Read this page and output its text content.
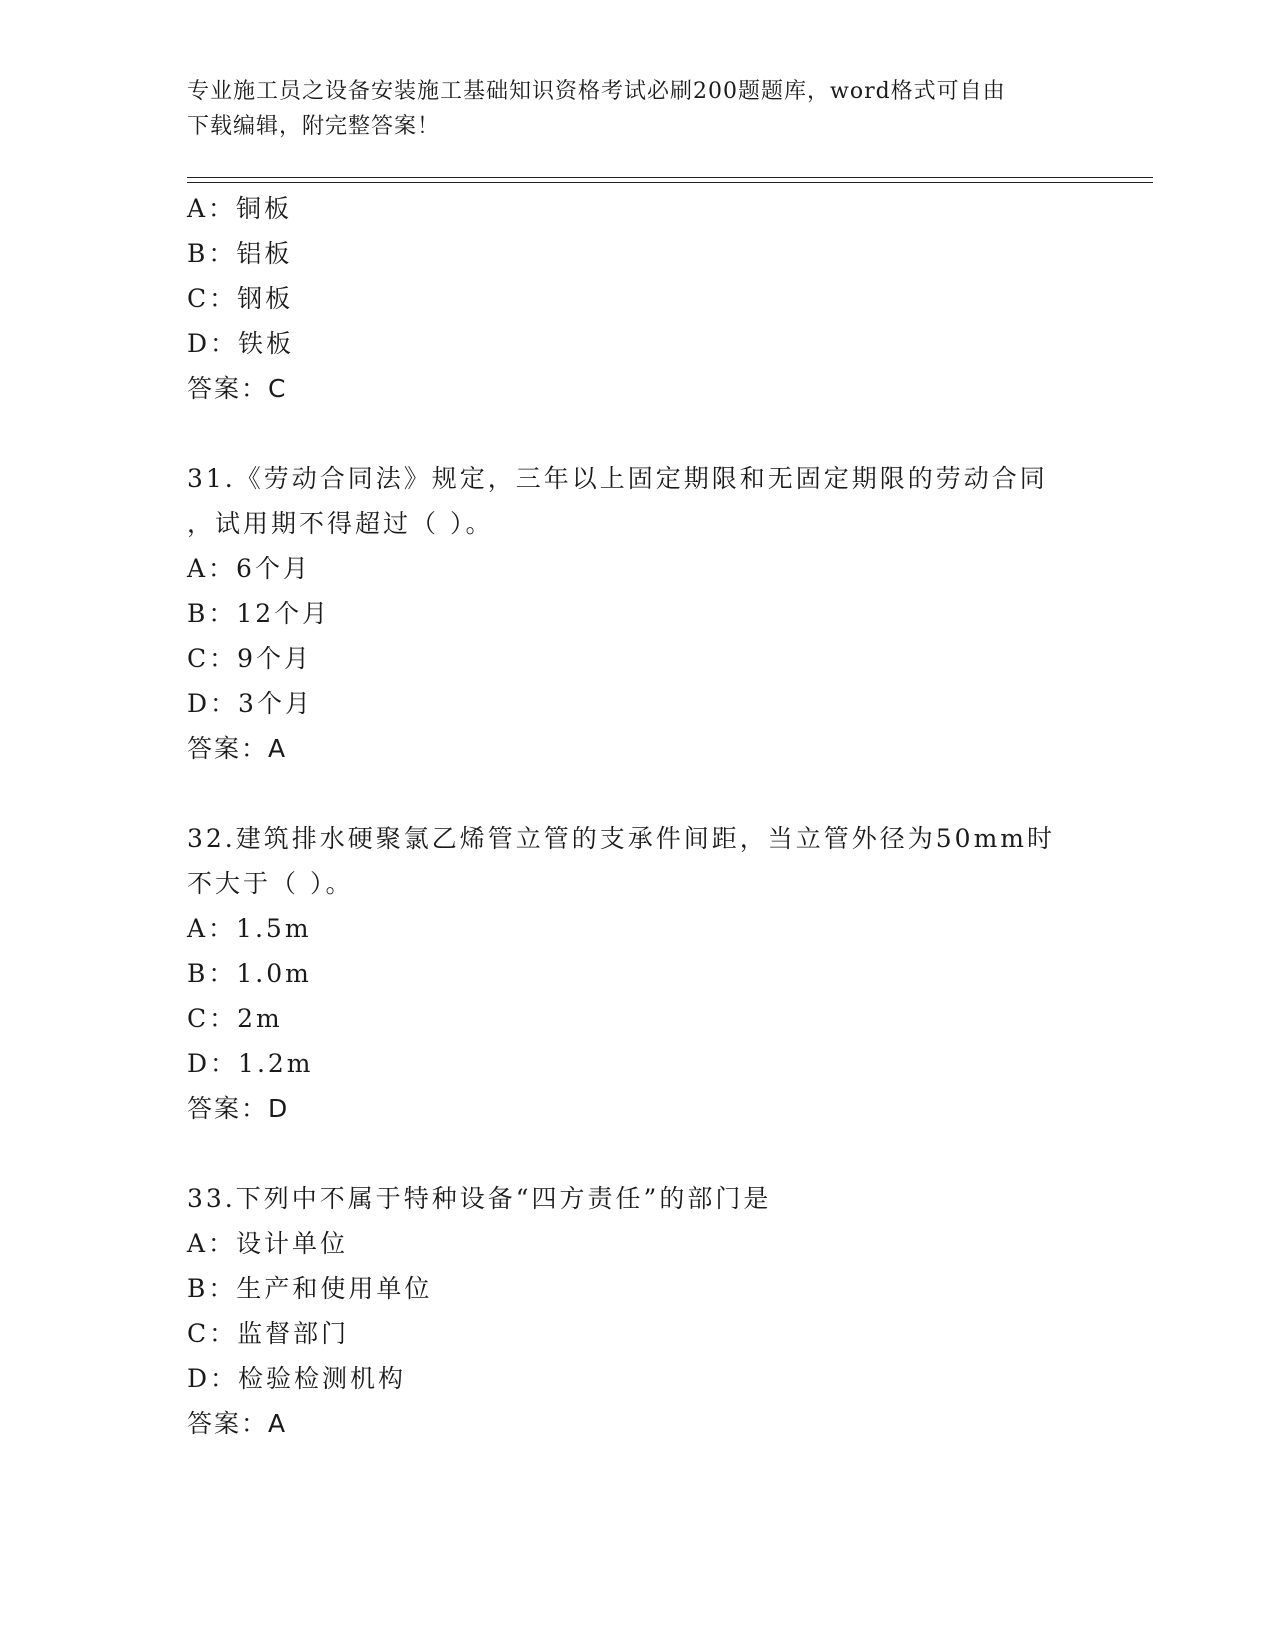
专业施工员之设备安装施工基础知识资格考试必刷200题题库，word格式可自由
下载编辑，附完整答案！
A：铜板
B：铝板
C：钢板
D：铁板
答案：C
31.《劳动合同法》规定，三年以上固定期限和无固定期限的劳动合同
，试用期不得超过（ ）。
A：6个月
B：12个月
C：9个月
D：3个月
答案：A
32.建筑排水硬聚氯乙烯管立管的支承件间距，当立管外径为50mm时
不大于（ ）。
A：1.5m
B：1.0m
C：2m
D：1.2m
答案：D
33.下列中不属于特种设备“四方责任”的部门是
A：设计单位
B：生产和使用单位
C：监督部门
D：检验检测机构
答案：A
